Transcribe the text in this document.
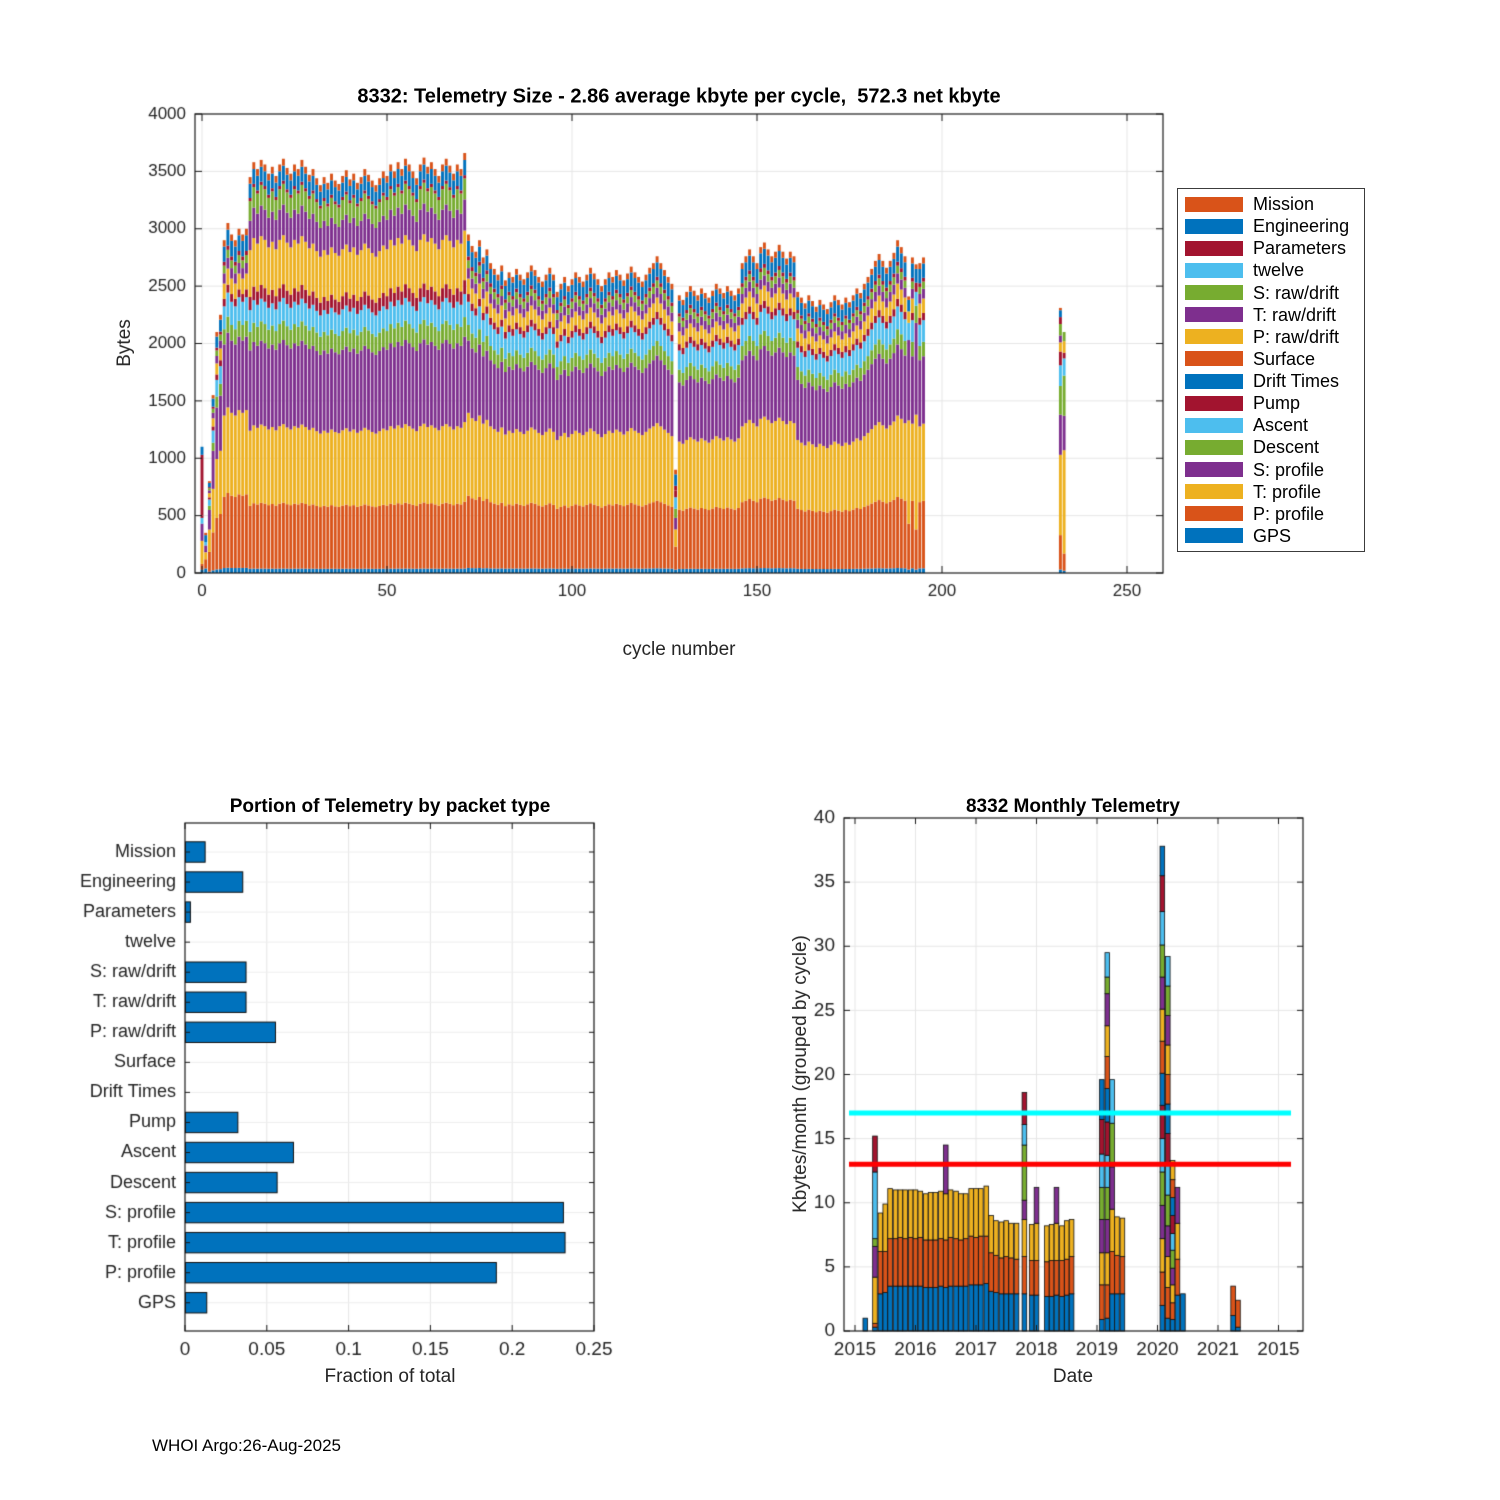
8332: Telemetry Size - 2.86 average kbyte per cycle,  572.3 net kbyte
Bytes
cycle number
Mission
Engineering
Parameters
twelve
S: raw/drift
T: raw/drift
P: raw/drift
Surface
Drift Times
Pump
Ascent
Descent
S: profile
T: profile
P: profile
GPS
Portion of Telemetry by packet type
Fraction of total
8332 Monthly Telemetry
Kbytes/month (grouped by cycle)
Date
WHOI Argo:26-Aug-2025
